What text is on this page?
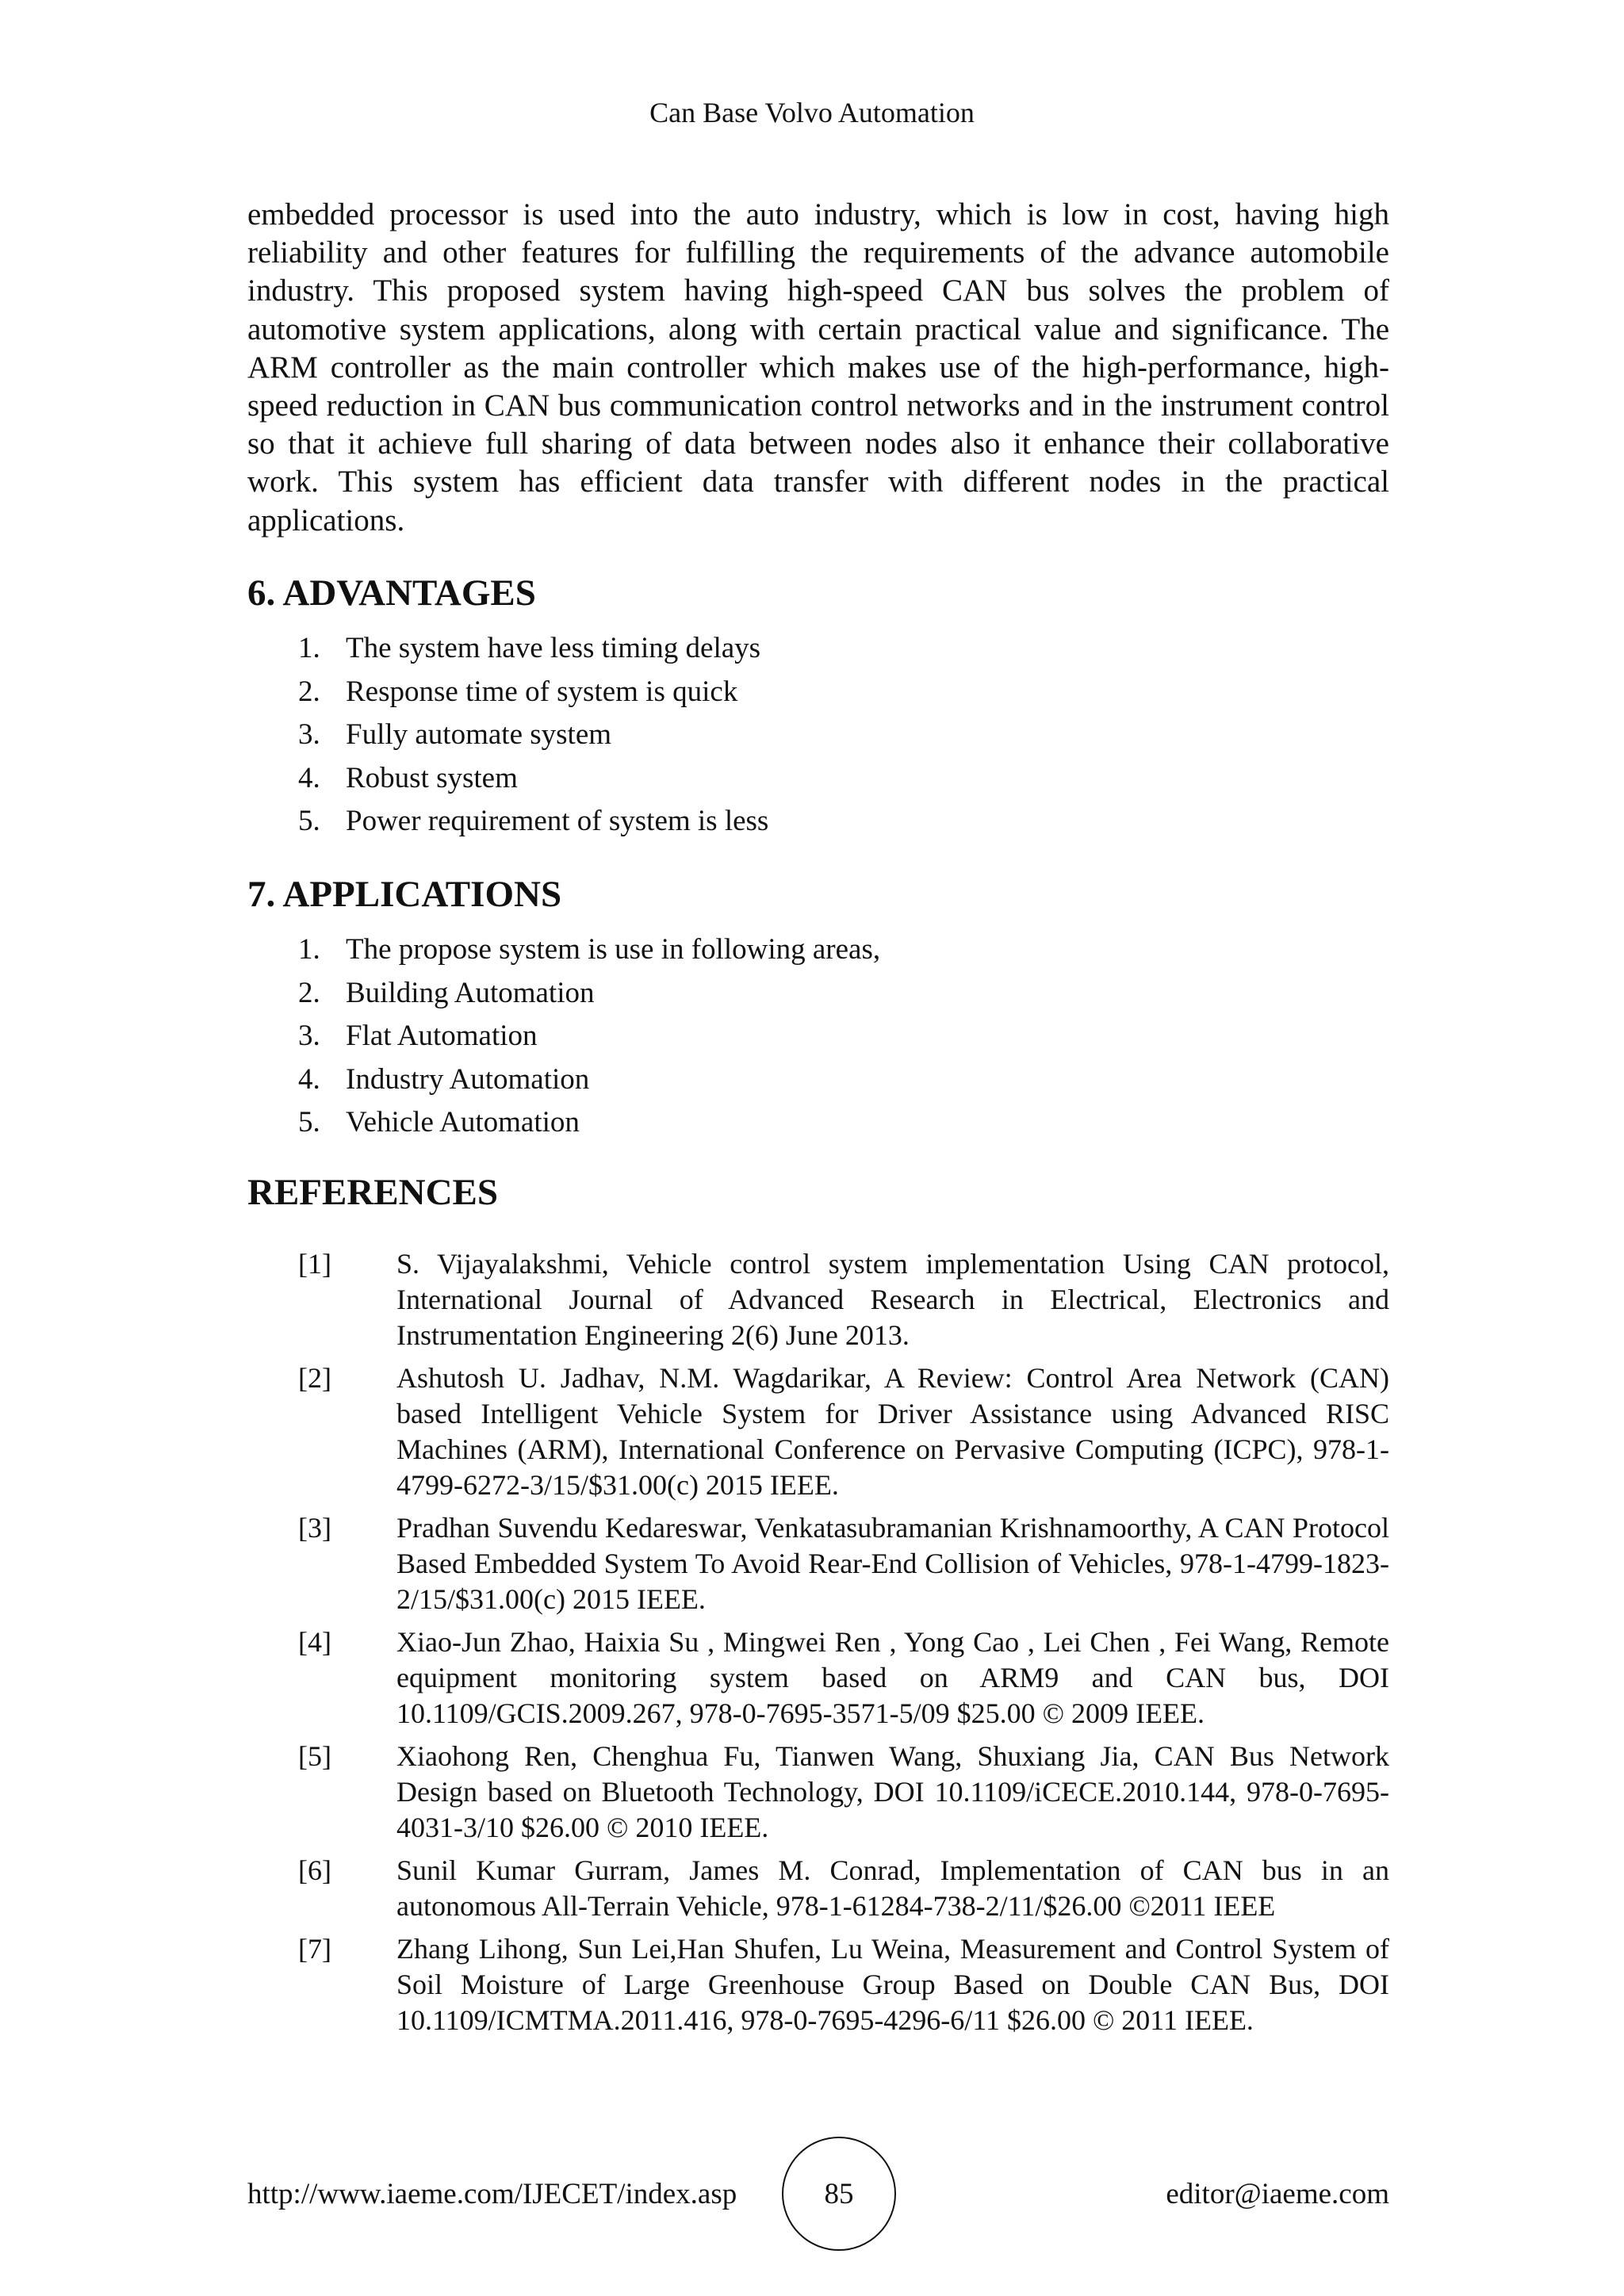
Can Base Volvo Automation

embedded processor is used into the auto industry, which is low in cost, having high reliability and other features for fulfilling the requirements of the advance automobile industry. This proposed system having high-speed CAN bus solves the problem of automotive system applications, along with certain practical value and significance. The ARM controller as the main controller which makes use of the high-performance, high-speed reduction in CAN bus communication control networks and in the instrument control so that it achieve full sharing of data between nodes also it enhance their collaborative work. This system has efficient data transfer with different nodes in the practical applications.

6. ADVANTAGES
1. The system have less timing delays
2. Response time of system is quick
3. Fully automate system
4. Robust system
5. Power requirement of system is less
7. APPLICATIONS
1. The propose system is use in following areas,
2. Building Automation
3. Flat Automation
4. Industry Automation
5. Vehicle Automation
REFERENCES
[1]	S. Vijayalakshmi, Vehicle control system implementation Using CAN protocol, International Journal of Advanced Research in Electrical, Electronics and Instrumentation Engineering 2(6) June 2013.
[2]	Ashutosh U. Jadhav, N.M. Wagdarikar, A Review: Control Area Network (CAN) based Intelligent Vehicle System for Driver Assistance using Advanced RISC Machines (ARM), International Conference on Pervasive Computing (ICPC), 978-1-4799-6272-3/15/$31.00(c) 2015 IEEE.
[3]	Pradhan Suvendu Kedareswar, Venkatasubramanian Krishnamoorthy, A CAN Protocol Based Embedded System To Avoid Rear-End Collision of Vehicles, 978-1-4799-1823-2/15/$31.00(c) 2015 IEEE.
[4]	Xiao-Jun Zhao, Haixia Su , Mingwei Ren , Yong Cao , Lei Chen , Fei Wang, Remote equipment monitoring system based on ARM9 and CAN bus, DOI 10.1109/GCIS.2009.267, 978-0-7695-3571-5/09 $25.00 © 2009 IEEE.
[5]	Xiaohong Ren, Chenghua Fu, Tianwen Wang, Shuxiang Jia, CAN Bus Network Design based on Bluetooth Technology, DOI 10.1109/iCECE.2010.144, 978-0-7695-4031-3/10 $26.00 © 2010 IEEE.
[6]	Sunil Kumar Gurram, James M. Conrad, Implementation of CAN bus in an autonomous All-Terrain Vehicle, 978-1-61284-738-2/11/$26.00 ©2011 IEEE
[7]	Zhang Lihong, Sun Lei,Han Shufen, Lu Weina, Measurement and Control System of Soil Moisture of Large Greenhouse Group Based on Double CAN Bus, DOI 10.1109/ICMTMA.2011.416, 978-0-7695-4296-6/11 $26.00 © 2011 IEEE.
http://www.iaeme.com/IJECET/index.asp	85	editor@iaeme.com
